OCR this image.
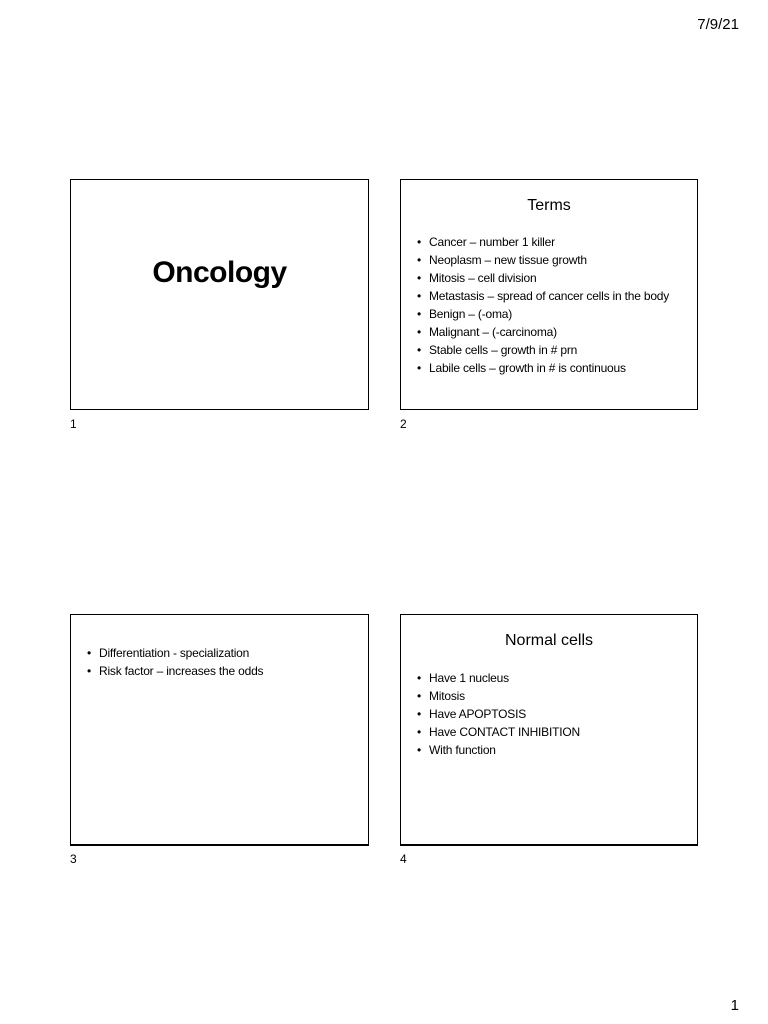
7/9/21
Oncology
1
Terms
• Cancer – number 1 killer
• Neoplasm – new tissue growth
• Mitosis – cell division
• Metastasis – spread of cancer cells in the body
• Benign – (-oma)
• Malignant – (-carcinoma)
• Stable cells – growth in # prn
• Labile cells – growth in # is continuous
2
• Differentiation - specialization
• Risk factor – increases the odds
3
Normal cells
• Have 1 nucleus
• Mitosis
• Have APOPTOSIS
• Have CONTACT INHIBITION
• With function
4
1
